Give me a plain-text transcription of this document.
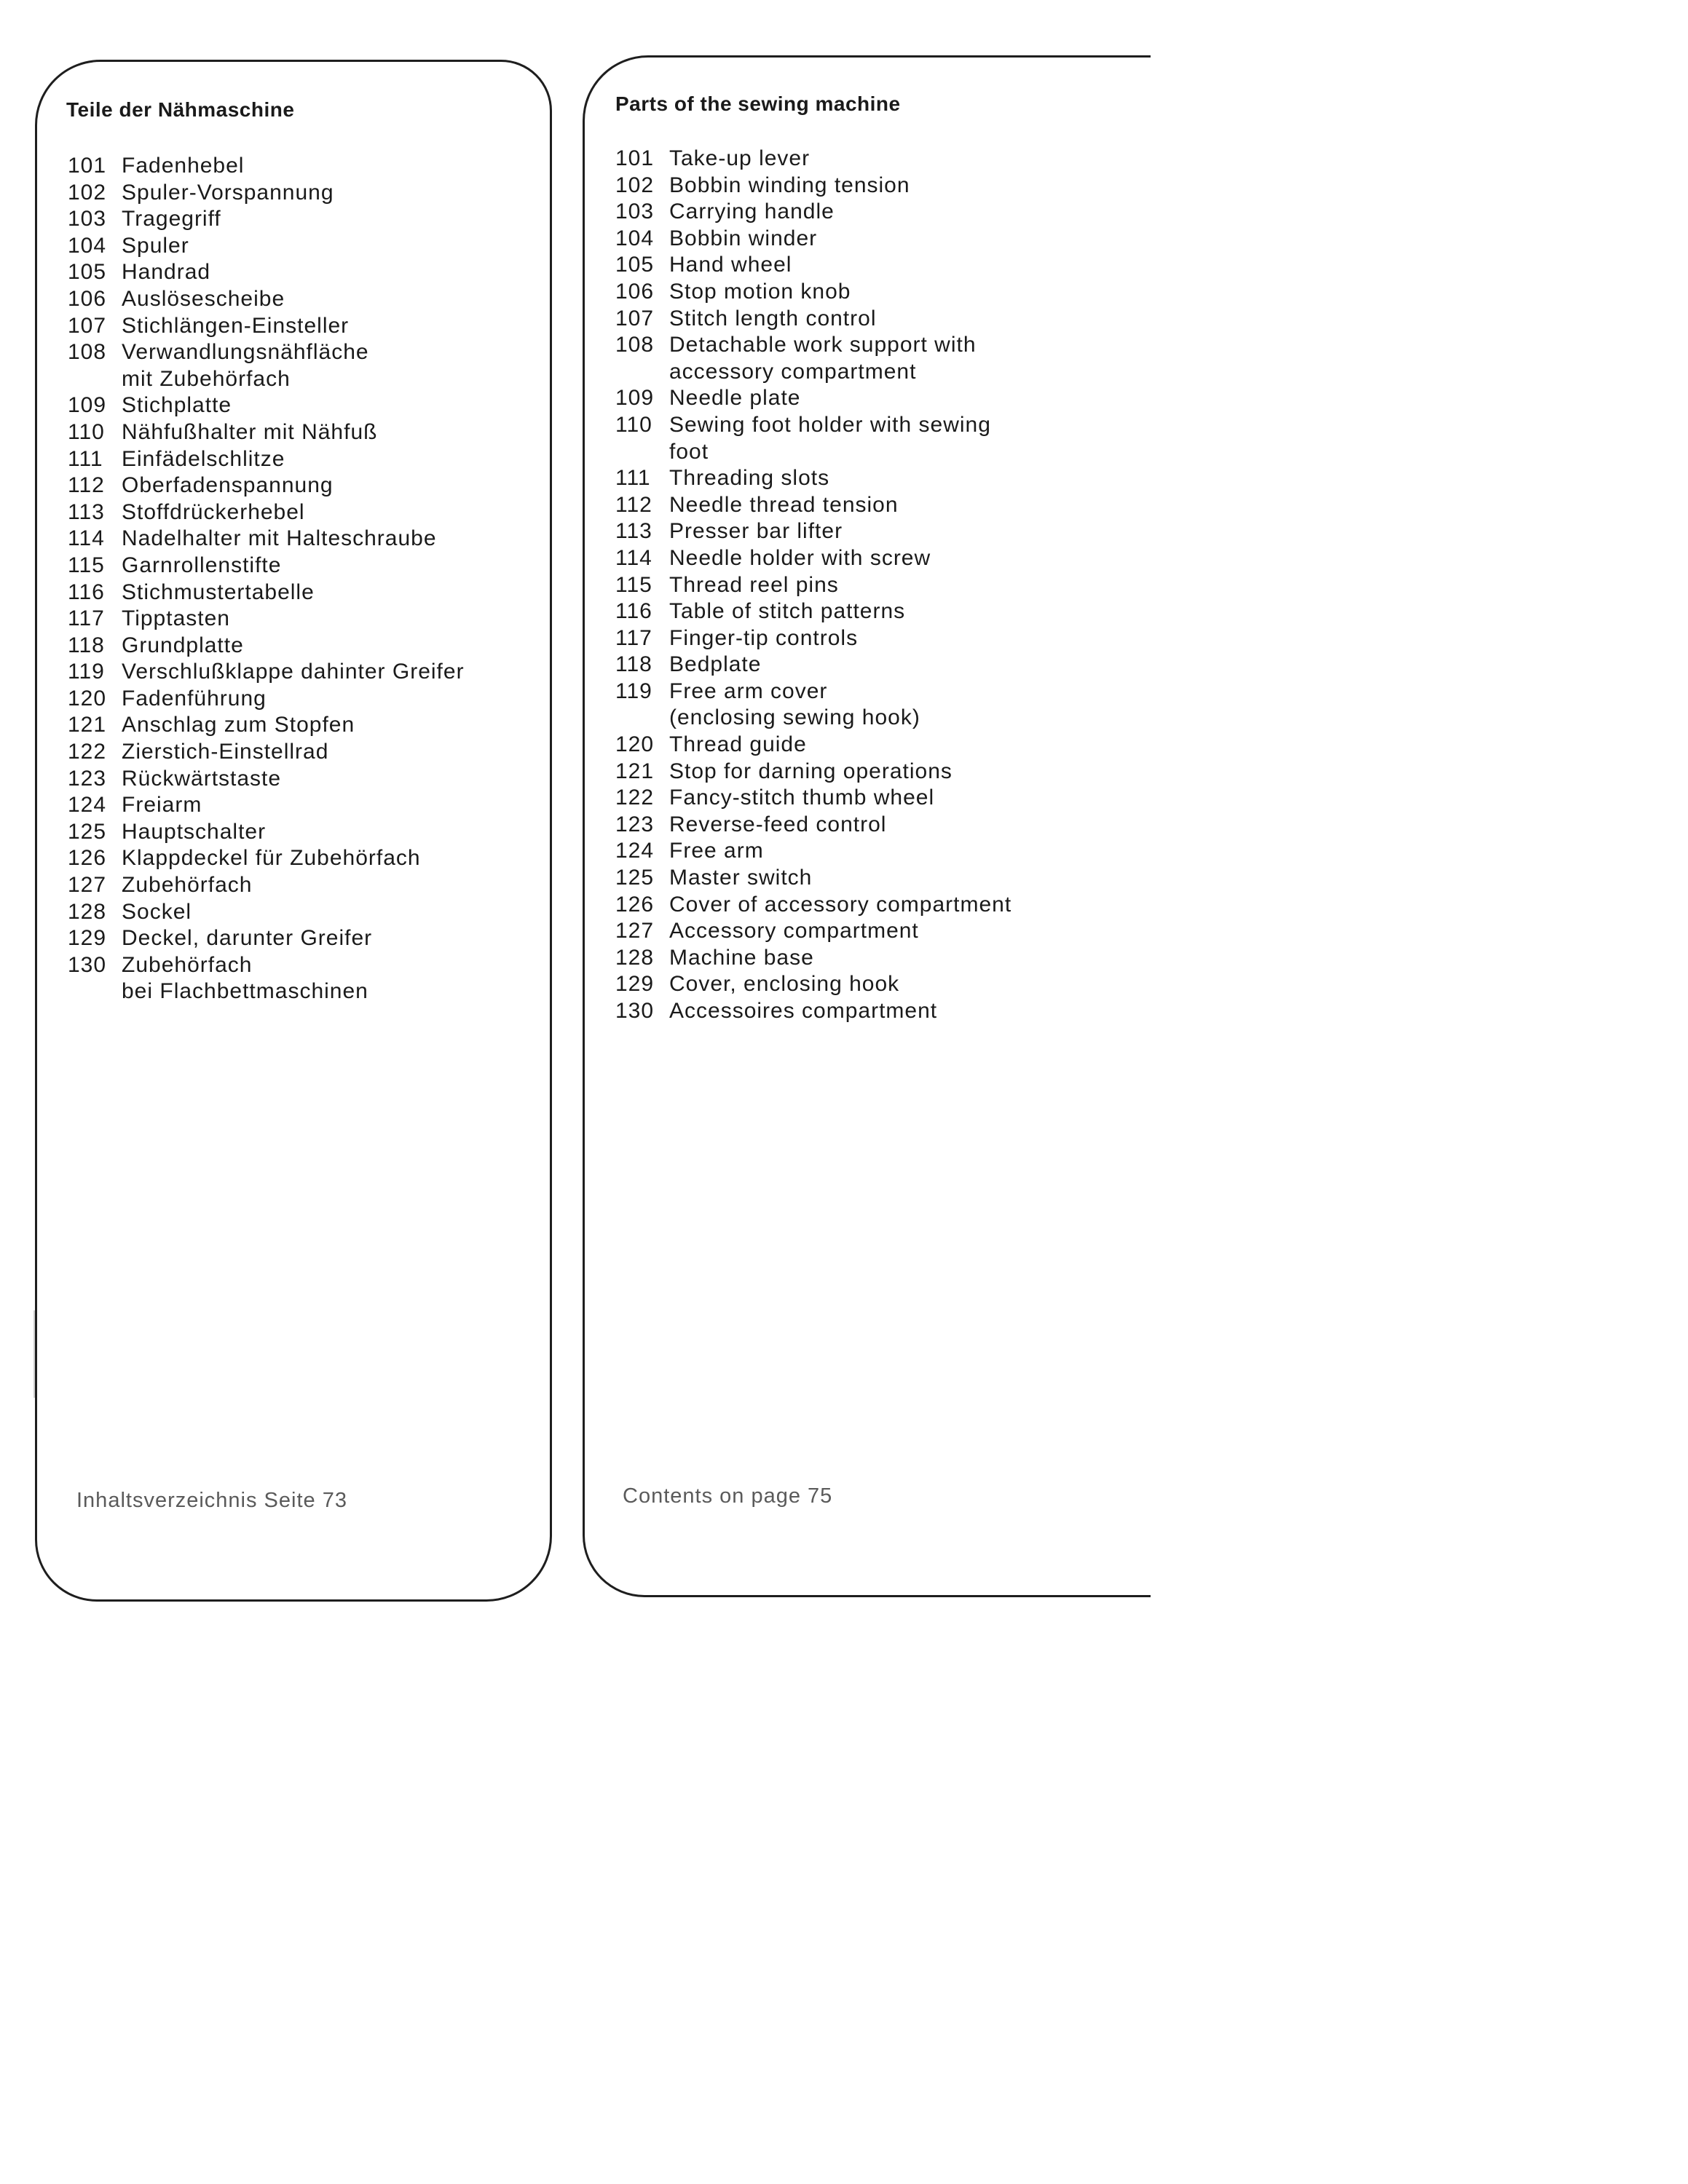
Teile der Nähmaschine
101 Fadenhebel
102 Spuler-Vorspannung
103 Tragegriff
104 Spuler
105 Handrad
106 Auslösescheibe
107 Stichlängen-Einsteller
108 Verwandlungsnähfläche
mit Zubehörfach
109 Stichplatte
110 Nähfußhalter mit Nähfuß
111 Einfädelschlitze
112 Oberfadenspannung
113 Stoffdrückerhebel
114 Nadelhalter mit Halteschraube
115 Garnrollenstifte
116 Stichmustertabelle
117 Tipptasten
118 Grundplatte
119 Verschlußklappe dahinter Greifer
120 Fadenführung
121 Anschlag zum Stopfen
122 Zierstich-Einstellrad
123 Rückwärtstaste
124 Freiarm
125 Hauptschalter
126 Klappdeckel für Zubehörfach
127 Zubehörfach
128 Sockel
129 Deckel, darunter Greifer
130 Zubehörfach
bei Flachbettmaschinen
Inhaltsverzeichnis Seite 73
Parts of the sewing machine
101 Take-up lever
102 Bobbin winding tension
103 Carrying handle
104 Bobbin winder
105 Hand wheel
106 Stop motion knob
107 Stitch length control
108 Detachable work support with
accessory compartment
109 Needle plate
110 Sewing foot holder with sewing
foot
111 Threading slots
112 Needle thread tension
113 Presser bar lifter
114 Needle holder with screw
115 Thread reel pins
116 Table of stitch patterns
117 Finger-tip controls
118 Bedplate
119 Free arm cover
(enclosing sewing hook)
120 Thread guide
121 Stop for darning operations
122 Fancy-stitch thumb wheel
123 Reverse-feed control
124 Free arm
125 Master switch
126 Cover of accessory compartment
127 Accessory compartment
128 Machine base
129 Cover, enclosing hook
130 Accessoires compartment
Contents on page 75
